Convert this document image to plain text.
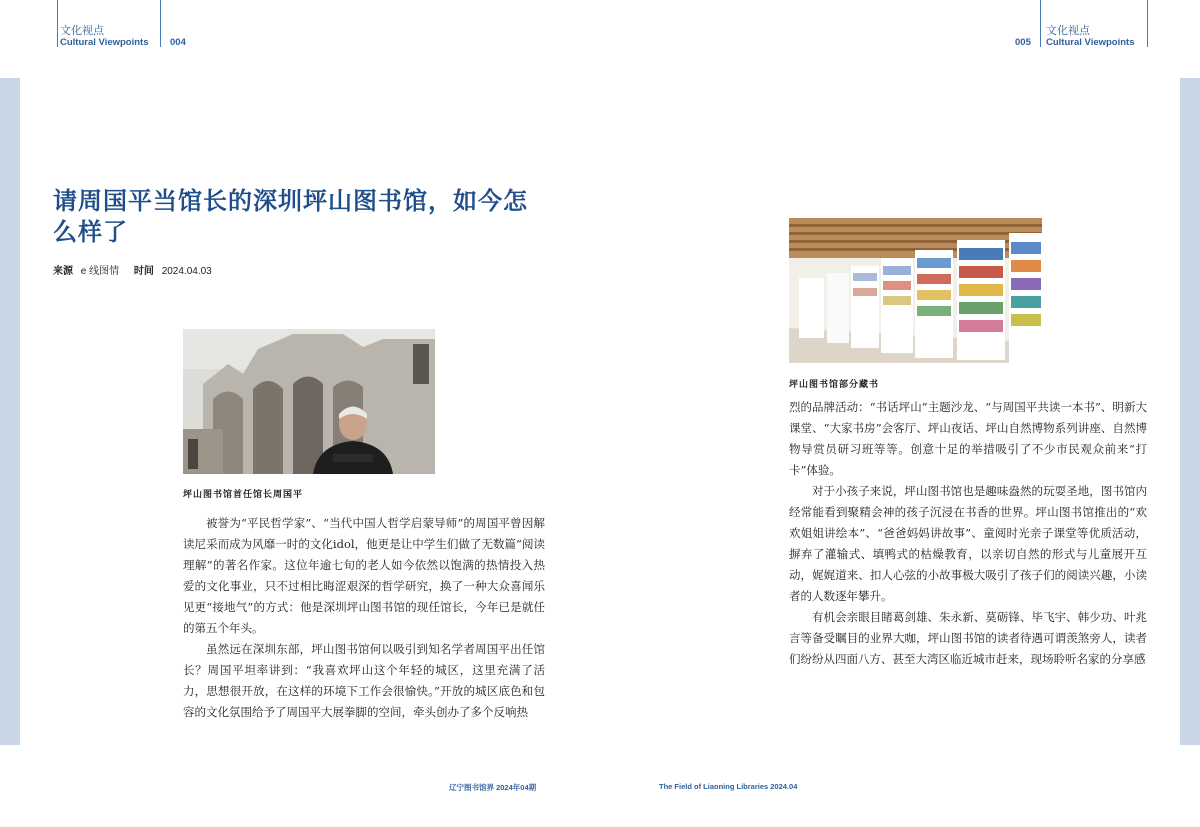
文化视点
Cultural Viewpoints 004	005
文化视点
Cultural Viewpoints
请周国平当馆长的深圳坪山图书馆，如今怎么样了
来源 e 线图情 时间 2024.04.03
坪山图书馆首任馆长周国平
坪山图书馆部分藏书

被誉为“平民哲学家”、“当代中国人哲学启蒙导师”的周国平曾因解读尼采而成为风靡一时的文化idol，他更是让中学生们做了无数篇“阅读理解”的著名作家。这位年逾七旬的老人如今依然以饱满的热情投入热爱的文化事业，只不过相比晦涩艰深的哲学研究，换了一种大众喜闻乐见更“接地气”的方式：他是深圳坪山图书馆的现任馆长，今年已是就任的第五个年头。

虽然远在深圳东部，坪山图书馆何以吸引到知名学者周国平出任馆长？周国平坦率讲到：“我喜欢坪山这个年轻的城区，这里充满了活力，思想很开放，在这样的环境下工作会很愉快。”开放的城区底色和包容的文化氛围给予了周国平大展拳脚的空间，牵头创办了多个反响热

烈的品牌活动：“书话坪山”主题沙龙、“与周国平共读一本书”、明新大课堂、“大家书房”会客厅、坪山夜话、坪山自然博物系列讲座、自然博物导赏员研习班等等。创意十足的举措吸引了不少市民观众前来“打卡”体验。

对于小孩子来说，坪山图书馆也是趣味盎然的玩耍圣地，图书馆内经常能看到聚精会神的孩子沉浸在书香的世界。坪山图书馆推出的“欢欢姐姐讲绘本”、“爸爸妈妈讲故事”、童阅时光亲子课堂等优质活动，摒弃了灌输式、填鸭式的枯燥教育，以亲切自然的形式与儿童展开互动，娓娓道来、扣人心弦的小故事极大吸引了孩子们的阅读兴趣，小读者的人数逐年攀升。

有机会亲眼目睹葛剑雄、朱永新、莫砺锋、毕飞宇、韩少功、叶兆言等备受瞩目的业界大咖，坪山图书馆的读者待遇可谓羡煞旁人，读者们纷纷从四面八方、甚至大湾区临近城市赶来，现场聆听名家的分享感

辽宁图书馆界 2024年04期	The Field of Liaoning Libraries 2024.04
